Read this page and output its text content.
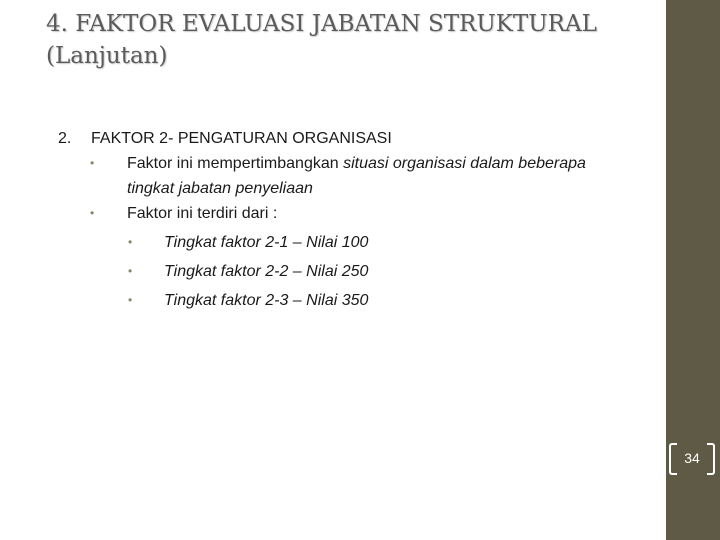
4. FAKTOR EVALUASI JABATAN STRUKTURAL
(Lanjutan)
2. FAKTOR 2- PENGATURAN ORGANISASI
• Faktor ini mempertimbangkan situasi organisasi dalam beberapa
tingkat jabatan penyeliaan
• Faktor ini terdiri dari :
• Tingkat faktor 2-1 – Nilai 100
• Tingkat faktor 2-2 – Nilai 250
• Tingkat faktor 2-3 – Nilai 350
34
